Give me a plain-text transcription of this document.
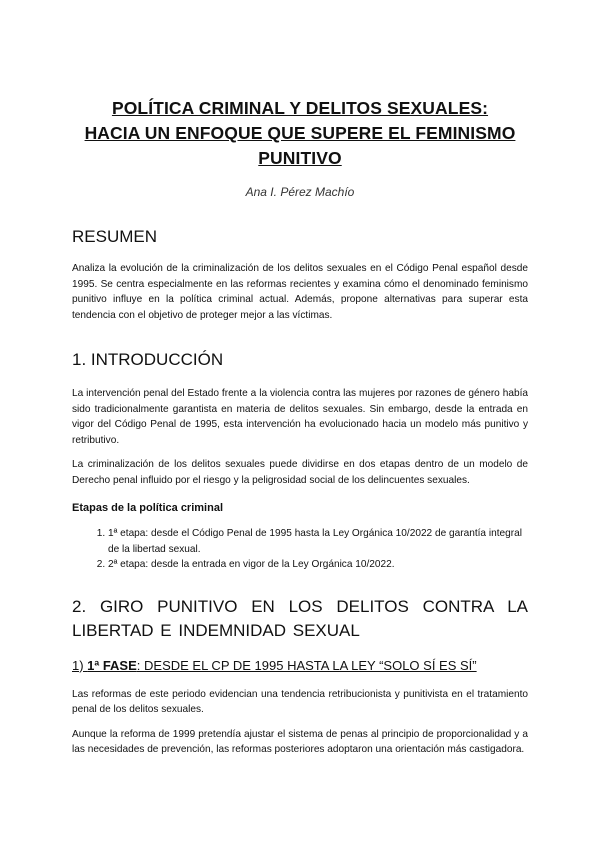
POLÍTICA CRIMINAL Y DELITOS SEXUALES:
HACIA UN ENFOQUE QUE SUPERE EL FEMINISMO
PUNITIVO
Ana I. Pérez Machío
RESUMEN

Analiza la evolución de la criminalización de los delitos sexuales en el Código Penal español desde 1995. Se centra especialmente en las reformas recientes y examina cómo el denominado feminismo punitivo influye en la política criminal actual. Además, propone alternativas para superar esta tendencia con el objetivo de proteger mejor a las víctimas.

1. INTRODUCCIÓN

La intervención penal del Estado frente a la violencia contra las mujeres por razones de género había sido tradicionalmente garantista en materia de delitos sexuales. Sin embargo, desde la entrada en vigor del Código Penal de 1995, esta intervención ha evolucionado hacia un modelo más punitivo y retributivo.

La criminalización de los delitos sexuales puede dividirse en dos etapas dentro de un modelo de Derecho penal influido por el riesgo y la peligrosidad social de los delincuentes sexuales.

Etapas de la política criminal
1. 1ª etapa: desde el Código Penal de 1995 hasta la Ley Orgánica 10/2022 de garantía integral de la libertad sexual.
2. 2ª etapa: desde la entrada en vigor de la Ley Orgánica 10/2022.
2. GIRO PUNITIVO EN LOS DELITOS CONTRA LA LIBERTAD E INDEMNIDAD SEXUAL
1) 1ª FASE: DESDE EL CP DE 1995 HASTA LA LEY “SOLO SÍ ES SÍ”

Las reformas de este periodo evidencian una tendencia retribucionista y punitivista en el tratamiento penal de los delitos sexuales.

Aunque la reforma de 1999 pretendía ajustar el sistema de penas al principio de proporcionalidad y a las necesidades de prevención, las reformas posteriores adoptaron una orientación más castigadora.
